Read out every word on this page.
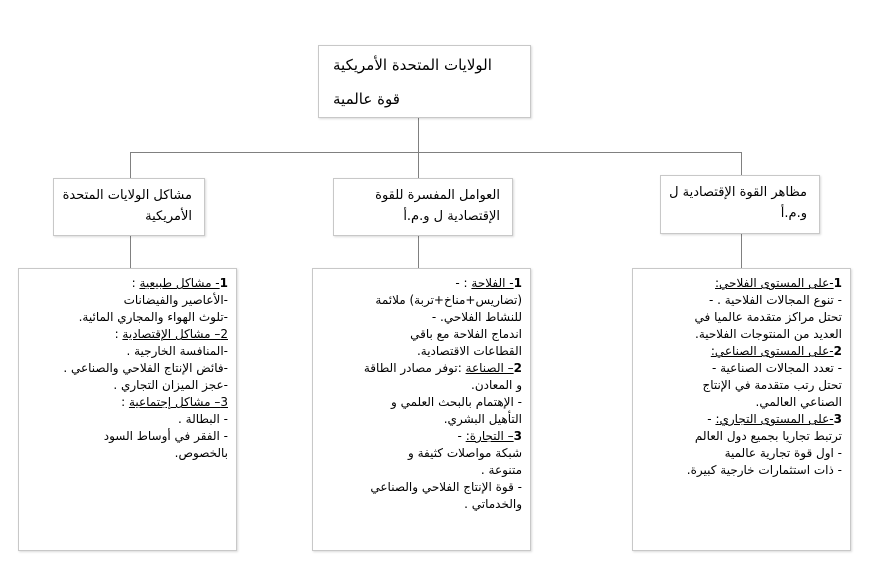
الولايات المتحدة الأمريكية
قوة عالمية
مشاكل الولايات المتحدة الأمريكية
العوامل المفسرة للقوة الإقتصادية ل و.م.أ
مظاهر القوة الإقتصادية ل و.م.أ
1- مشاكل طبيعية :
-الأعاصير والفيضانات
-تلوث الهواء والمجاري المائية.
2– مشاكل الإقتصادية :
-المنافسة الخارجية .
-فائض الإنتاج الفلاحي والصناعي .
-عجز الميزان التجاري .
3– مشاكل إجتماعية :
- البطالة .
- الفقر في أوساط السود
بالخصوص.
1- الفلاحة : -
(تضاريس+مناخ+تربة) ملائمة
للنشاط الفلاحي. -
اندماج الفلاحة مع باقي
القطاعات الاقتصادية.
2– الصناعة :توفر مصادر الطاقة
و المعادن.
- الإهتمام بالبحث العلمي و
التأهيل البشري.
3– التجارة: -
شبكة مواصلات كثيفة و
متنوعة .
- قوة الإنتاج الفلاحي والصناعي
والخدماتي .
1-على المستوى الفلاحي:
- تنوع المجالات الفلاحية . -
تحتل مراكز متقدمة عالميا في
العديد من المنتوجات الفلاحية.
2-على المستوى الصناعي:
- تعدد المجالات الصناعية -
تحتل رتب متقدمة في الإنتاج
الصناعي العالمي.
3-على المستوى التجاري: -
ترتبط تجاريا بجميع دول العالم
- اول قوة تجارية عالمية
- ذات استثمارات خارجية كبيرة.
